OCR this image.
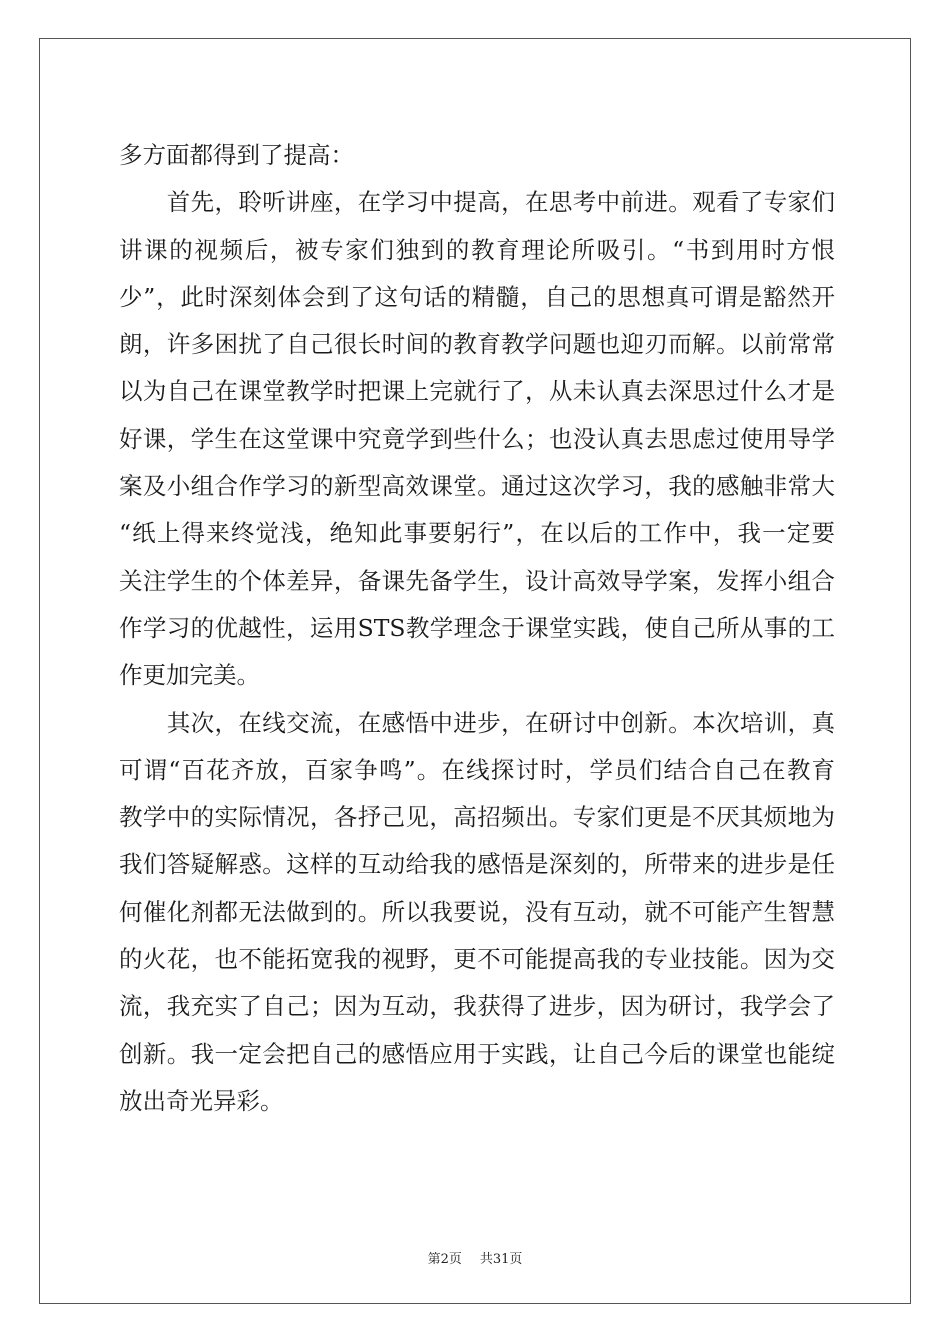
多方面都得到了提高：
　　首先，聆听讲座，在学习中提高，在思考中前进。观看了专家们
讲课的视频后，被专家们独到的教育理论所吸引。“书到用时方恨
少”，此时深刻体会到了这句话的精髓，自己的思想真可谓是豁然开
朗，许多困扰了自己很长时间的教育教学问题也迎刃而解。以前常常
以为自己在课堂教学时把课上完就行了，从未认真去深思过什么才是
好课，学生在这堂课中究竟学到些什么；也没认真去思虑过使用导学
案及小组合作学习的新型高效课堂。通过这次学习，我的感触非常大
“纸上得来终觉浅，绝知此事要躬行”，在以后的工作中，我一定要
关注学生的个体差异，备课先备学生，设计高效导学案，发挥小组合
作学习的优越性，运用STS教学理念于课堂实践，使自己所从事的工
作更加完美。
　　其次，在线交流，在感悟中进步，在研讨中创新。本次培训，真
可谓“百花齐放，百家争鸣”。在线探讨时，学员们结合自己在教育
教学中的实际情况，各抒己见，高招频出。专家们更是不厌其烦地为
我们答疑解惑。这样的互动给我的感悟是深刻的，所带来的进步是任
何催化剂都无法做到的。所以我要说，没有互动，就不可能产生智慧
的火花，也不能拓宽我的视野，更不可能提高我的专业技能。因为交
流，我充实了自己；因为互动，我获得了进步，因为研讨，我学会了
创新。我一定会把自己的感悟应用于实践，让自己今后的课堂也能绽
放出奇光异彩。
第2页 共31页
